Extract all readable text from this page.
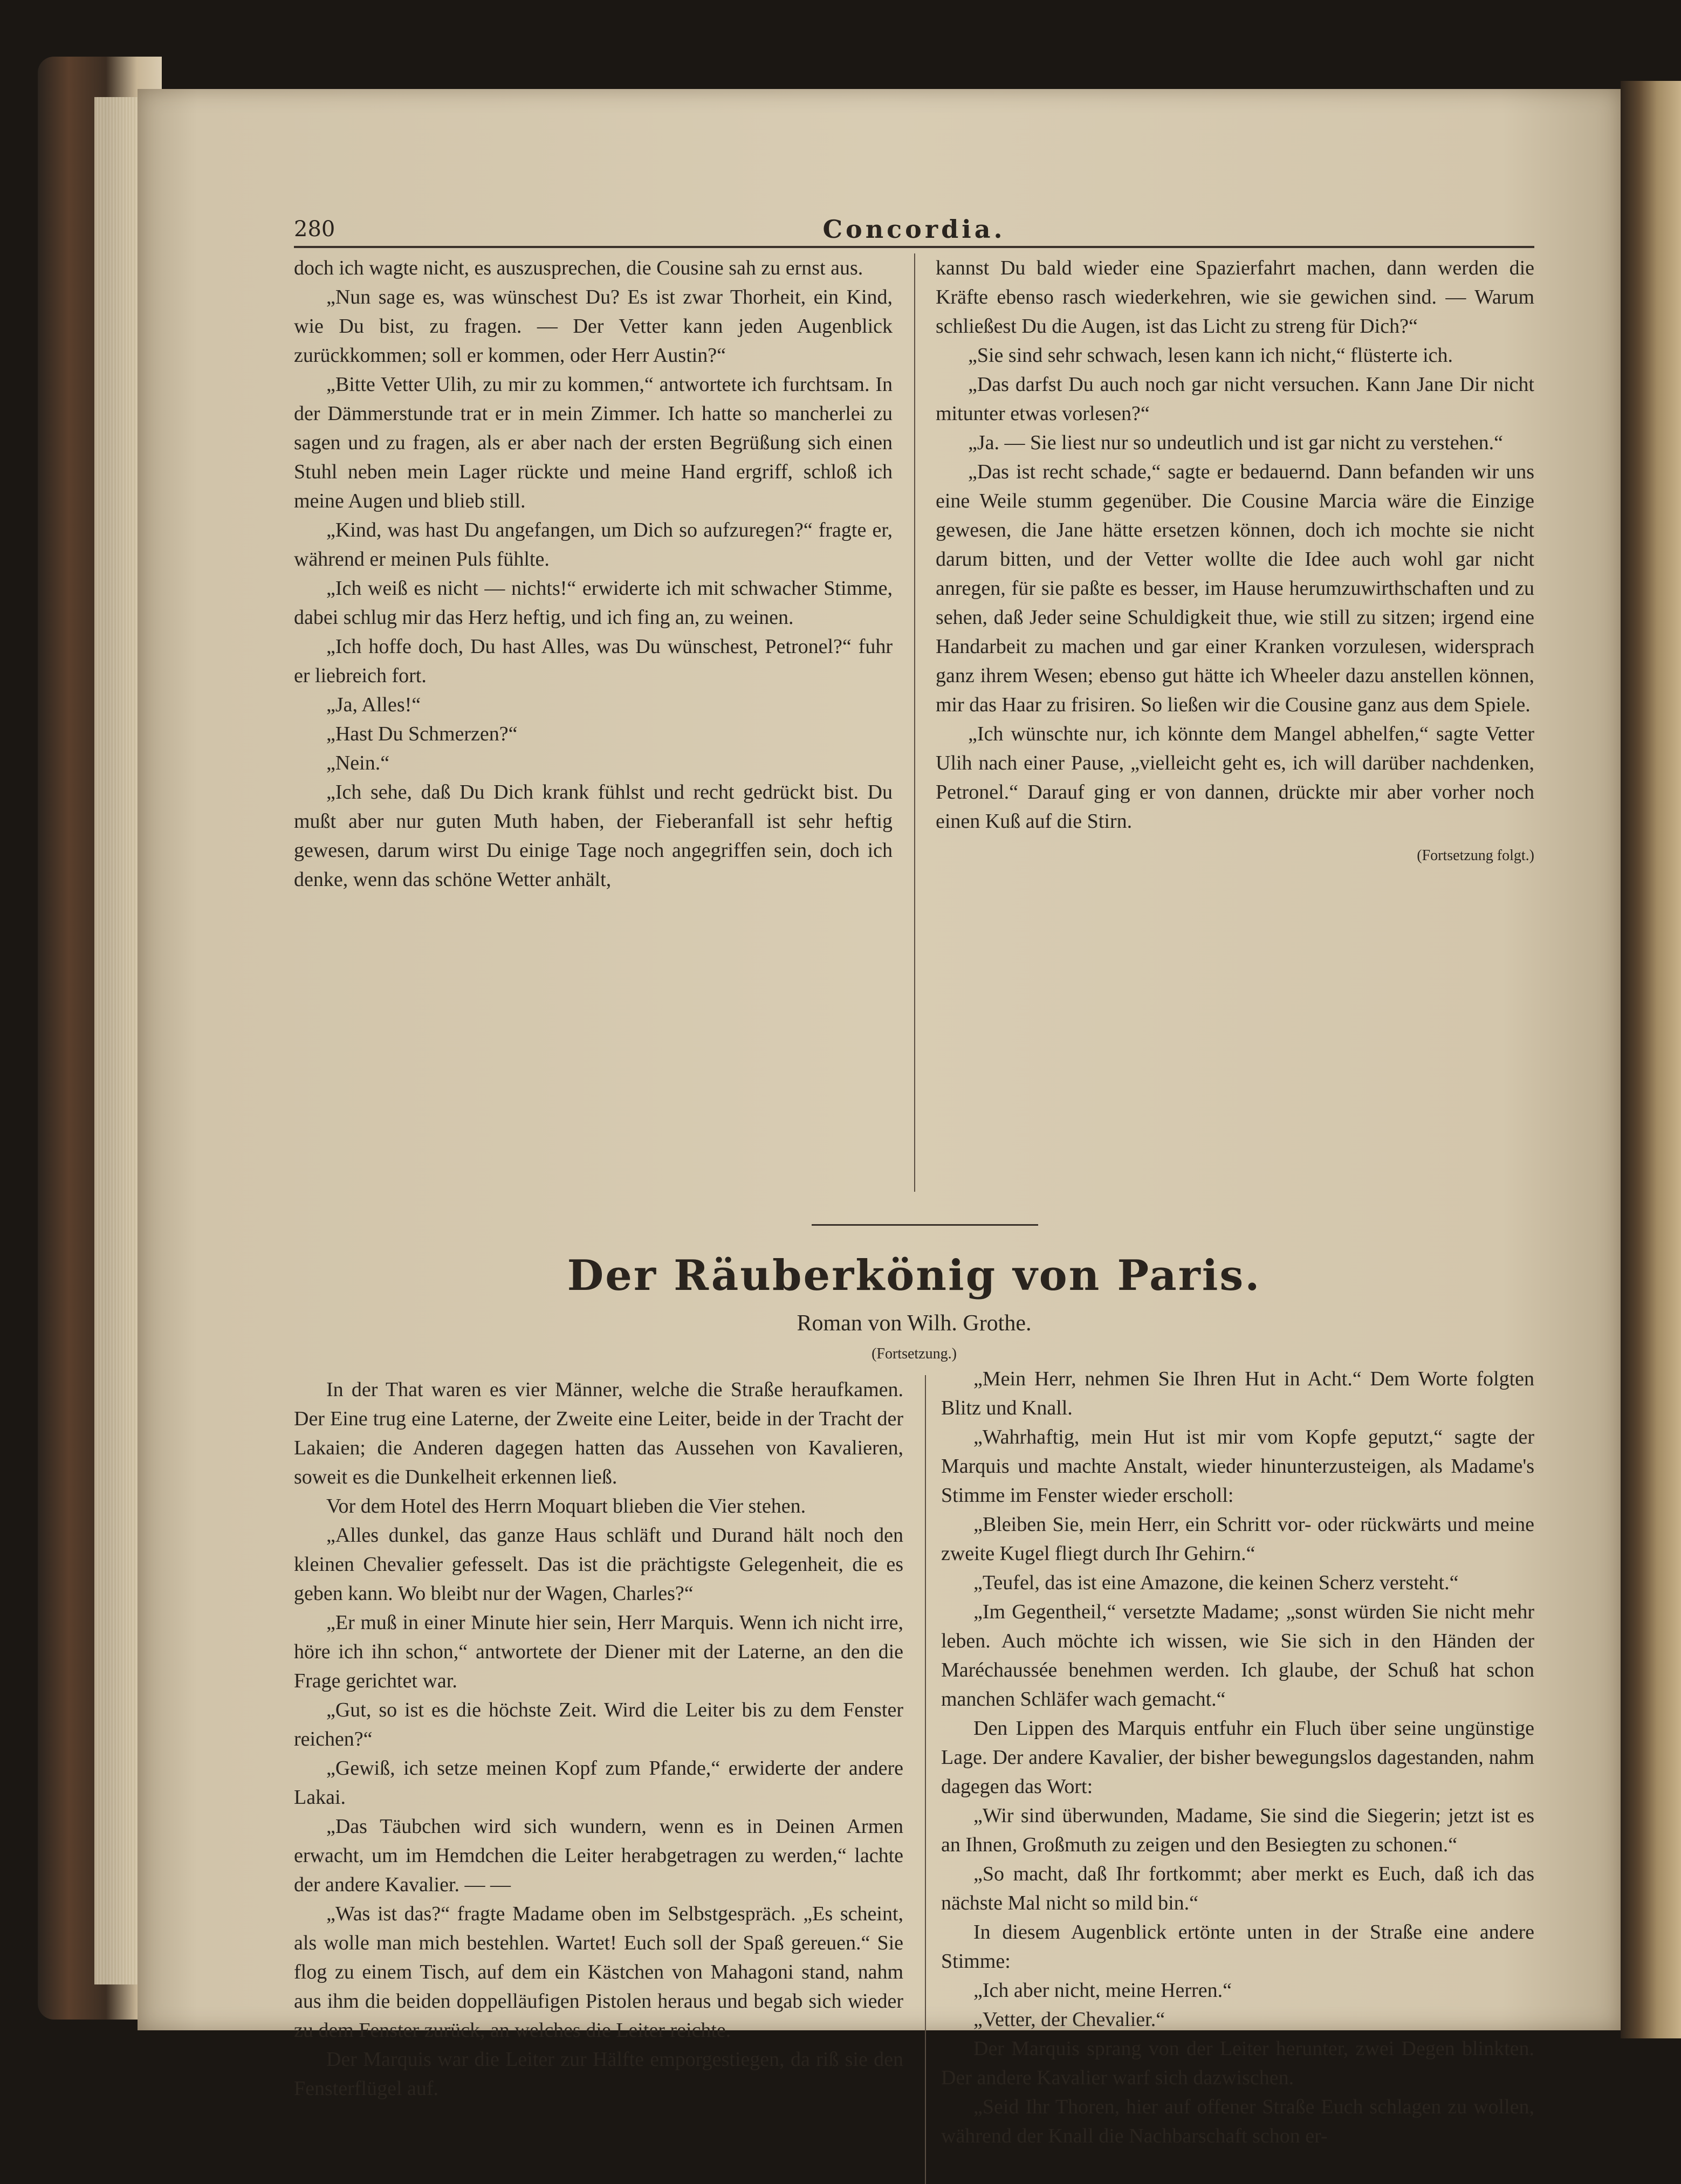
280	Concordia.

doch ich wagte nicht, es auszusprechen, die Cousine sah zu ernst aus.

„Nun sage es, was wünschest Du? Es ist zwar Thorheit, ein Kind, wie Du bist, zu fragen. — Der Vetter kann jeden Augenblick zurückkommen; soll er kommen, oder Herr Austin?“

„Bitte Vetter Ulih, zu mir zu kommen,“ antwortete ich furchtsam. In der Dämmerstunde trat er in mein Zimmer. Ich hatte so mancherlei zu sagen und zu fragen, als er aber nach der ersten Begrüßung sich einen Stuhl neben mein Lager rückte und meine Hand ergriff, schloß ich meine Augen und blieb still.

„Kind, was hast Du angefangen, um Dich so aufzuregen?“ fragte er, während er meinen Puls fühlte.

„Ich weiß es nicht — nichts!“ erwiderte ich mit schwacher Stimme, dabei schlug mir das Herz heftig, und ich fing an, zu weinen.

„Ich hoffe doch, Du hast Alles, was Du wünschest, Petronel?“ fuhr er liebreich fort.

„Ja, Alles!“

„Hast Du Schmerzen?“

„Nein.“

„Ich sehe, daß Du Dich krank fühlst und recht gedrückt bist. Du mußt aber nur guten Muth haben, der Fieberanfall ist sehr heftig gewesen, darum wirst Du einige Tage noch angegriffen sein, doch ich denke, wenn das schöne Wetter anhält,

kannst Du bald wieder eine Spazierfahrt machen, dann werden die Kräfte ebenso rasch wiederkehren, wie sie gewichen sind. — Warum schließest Du die Augen, ist das Licht zu streng für Dich?“

„Sie sind sehr schwach, lesen kann ich nicht,“ flüsterte ich.

„Das darfst Du auch noch gar nicht versuchen. Kann Jane Dir nicht mitunter etwas vorlesen?“

„Ja. — Sie liest nur so undeutlich und ist gar nicht zu verstehen.“

„Das ist recht schade,“ sagte er bedauernd. Dann befanden wir uns eine Weile stumm gegenüber. Die Cousine Marcia wäre die Einzige gewesen, die Jane hätte ersetzen können, doch ich mochte sie nicht darum bitten, und der Vetter wollte die Idee auch wohl gar nicht anregen, für sie paßte es besser, im Hause herumzuwirthschaften und zu sehen, daß Jeder seine Schuldigkeit thue, wie still zu sitzen; irgend eine Handarbeit zu machen und gar einer Kranken vorzulesen, widersprach ganz ihrem Wesen; ebenso gut hätte ich Wheeler dazu anstellen können, mir das Haar zu frisiren. So ließen wir die Cousine ganz aus dem Spiele.

„Ich wünschte nur, ich könnte dem Mangel abhelfen,“ sagte Vetter Ulih nach einer Pause, „vielleicht geht es, ich will darüber nachdenken, Petronel.“ Darauf ging er von dannen, drückte mir aber vorher noch einen Kuß auf die Stirn.

(Fortsetzung folgt.)

Der Räuberkönig von Paris.
Roman von Wilh. Grothe.
(Fortsetzung.)

In der That waren es vier Männer, welche die Straße heraufkamen. Der Eine trug eine Laterne, der Zweite eine Leiter, beide in der Tracht der Lakaien; die Anderen dagegen hatten das Aussehen von Kavalieren, soweit es die Dunkelheit erkennen ließ.

Vor dem Hotel des Herrn Moquart blieben die Vier stehen.

„Alles dunkel, das ganze Haus schläft und Durand hält noch den kleinen Chevalier gefesselt. Das ist die prächtigste Gelegenheit, die es geben kann. Wo bleibt nur der Wagen, Charles?“

„Er muß in einer Minute hier sein, Herr Marquis. Wenn ich nicht irre, höre ich ihn schon,“ antwortete der Diener mit der Laterne, an den die Frage gerichtet war.

„Gut, so ist es die höchste Zeit. Wird die Leiter bis zu dem Fenster reichen?“

„Gewiß, ich setze meinen Kopf zum Pfande,“ erwiderte der andere Lakai.

„Das Täubchen wird sich wundern, wenn es in Deinen Armen erwacht, um im Hemdchen die Leiter herabgetragen zu werden,“ lachte der andere Kavalier. — —

„Was ist das?“ fragte Madame oben im Selbstgespräch. „Es scheint, als wolle man mich bestehlen. Wartet! Euch soll der Spaß gereuen.“ Sie flog zu einem Tisch, auf dem ein Kästchen von Mahagoni stand, nahm aus ihm die beiden doppelläufigen Pistolen heraus und begab sich wieder zu dem Fenster zurück, an welches die Leiter reichte.

Der Marquis war die Leiter zur Hälfte emporgestiegen, da riß sie den Fensterflügel auf.

„Mein Herr, nehmen Sie Ihren Hut in Acht.“ Dem Worte folgten Blitz und Knall.

„Wahrhaftig, mein Hut ist mir vom Kopfe geputzt,“ sagte der Marquis und machte Anstalt, wieder hinunterzusteigen, als Madame's Stimme im Fenster wieder erscholl:

„Bleiben Sie, mein Herr, ein Schritt vor- oder rückwärts und meine zweite Kugel fliegt durch Ihr Gehirn.“

„Teufel, das ist eine Amazone, die keinen Scherz versteht.“

„Im Gegentheil,“ versetzte Madame; „sonst würden Sie nicht mehr leben. Auch möchte ich wissen, wie Sie sich in den Händen der Maréchaussée benehmen werden. Ich glaube, der Schuß hat schon manchen Schläfer wach gemacht.“

Den Lippen des Marquis entfuhr ein Fluch über seine ungünstige Lage. Der andere Kavalier, der bisher bewegungslos dagestanden, nahm dagegen das Wort:

„Wir sind überwunden, Madame, Sie sind die Siegerin; jetzt ist es an Ihnen, Großmuth zu zeigen und den Besiegten zu schonen.“

„So macht, daß Ihr fortkommt; aber merkt es Euch, daß ich das nächste Mal nicht so mild bin.“

In diesem Augenblick ertönte unten in der Straße eine andere Stimme:

„Ich aber nicht, meine Herren.“

„Vetter, der Chevalier.“

Der Marquis sprang von der Leiter herunter, zwei Degen blinkten. Der andere Kavalier warf sich dazwischen.

„Seid Ihr Thoren, hier auf offener Straße Euch schlagen zu wollen, während der Knall die Nachbarschaft schon er-
